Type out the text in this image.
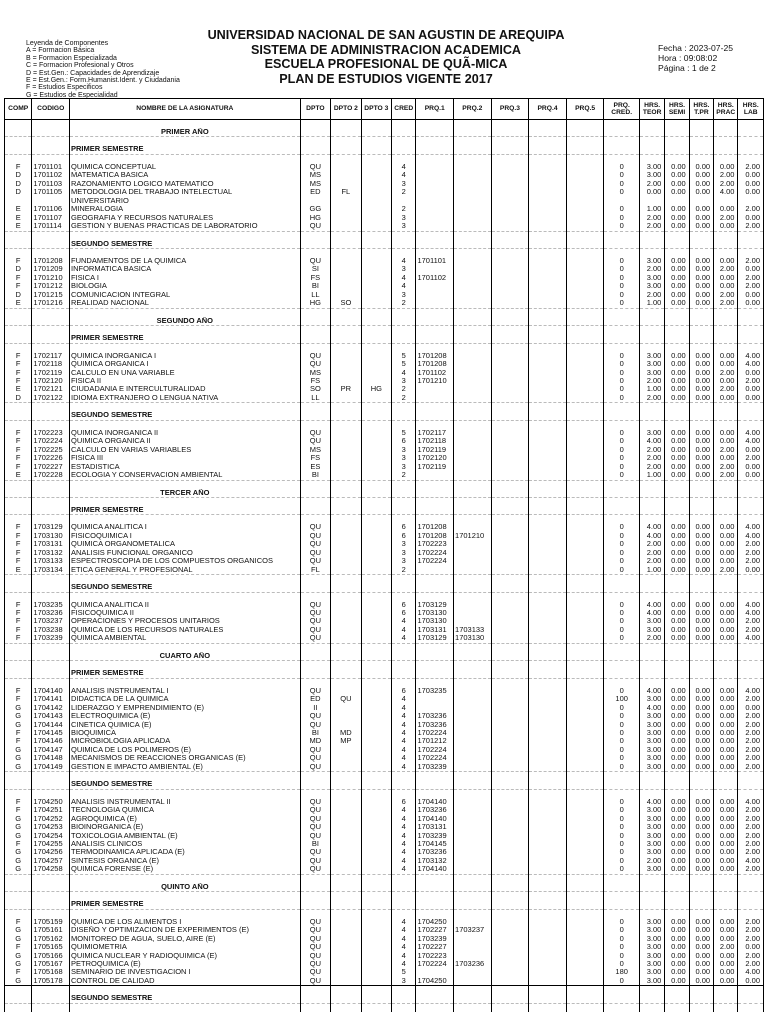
Leyenda de Componentes
A = Formacion Básica
B = Formacion Especializada
C = Formacion Profesional y Otros
D = Est.Gen.: Capacidades de Aprendizaje
E = Est.Gen.: Form.Humanist.Ident. y Ciudadania
F = Estudios Especificos
G = Estudios de Especialidad
UNIVERSIDAD NACIONAL DE SAN AGUSTIN DE AREQUIPA
SISTEMA DE ADMINISTRACION ACADEMICA
ESCUELA PROFESIONAL DE QUÃ-MICA
PLAN DE ESTUDIOS VIGENTE 2017
Fecha : 2023-07-25
Hora : 09:08:02
Página : 1 de 2
COMP	CODIGO	NOMBRE DE LA ASIGNATURA	DPTO	DPTO 2	DPTO 3	CRED	PRQ.1	PRQ.2	PRQ.3	PRQ.4	PRQ.5	PRQ. CRED.	HRS. TEOR	HRS. SEMI	HRS. T.PR	HRS. PRAC	HRS. LAB

		PRIMER AÑO															

		PRIMER SEMESTRE															

F	1701101	QUIMICA CONCEPTUAL	QU			4						0	3.00	0.00	0.00	0.00	2.00
D	1701102	MATEMATICA BASICA	MS			4						0	3.00	0.00	0.00	2.00	0.00
D	1701103	RAZONAMIENTO LOGICO MATEMATICO	MS			3						0	2.00	0.00	0.00	2.00	0.00
D	1701105	METODOLOGIA DEL TRABAJO INTELECTUAL	ED	FL		2						0	0.00	0.00	0.00	4.00	0.00
		UNIVERSITARIO															
E	1701106	MINERALOGIA	GG			2						0	1.00	0.00	0.00	0.00	2.00
E	1701107	GEOGRAFIA Y RECURSOS NATURALES	HG			3						0	2.00	0.00	0.00	2.00	0.00
E	1701114	GESTION Y BUENAS PRACTICAS DE LABORATORIO	QU			3						0	2.00	0.00	0.00	0.00	2.00

		SEGUNDO SEMESTRE															

F	1701208	FUNDAMENTOS DE LA QUIMICA	QU			4	1701101					0	3.00	0.00	0.00	0.00	2.00
D	1701209	INFORMATICA BASICA	SI			3						0	2.00	0.00	0.00	2.00	0.00
F	1701210	FISICA I	FS			4	1701102					0	3.00	0.00	0.00	0.00	2.00
F	1701212	BIOLOGIA	BI			4						0	3.00	0.00	0.00	0.00	2.00
D	1701215	COMUNICACION INTEGRAL	LL			3						0	2.00	0.00	0.00	2.00	0.00
E	1701216	REALIDAD NACIONAL	HG	SO		2						0	1.00	0.00	0.00	2.00	0.00

		SEGUNDO AÑO															

		PRIMER SEMESTRE															

F	1702117	QUIMICA INORGANICA I	QU			5	1701208					0	3.00	0.00	0.00	0.00	4.00
F	1702118	QUIMICA ORGANICA I	QU			5	1701208					0	3.00	0.00	0.00	0.00	4.00
F	1702119	CALCULO EN UNA VARIABLE	MS			4	1701102					0	3.00	0.00	0.00	2.00	0.00
F	1702120	FISICA II	FS			3	1701210					0	2.00	0.00	0.00	0.00	2.00
E	1702121	CIUDADANIA E INTERCULTURALIDAD	SO	PR	HG	2						0	1.00	0.00	0.00	2.00	0.00
D	1702122	IDIOMA EXTRANJERO O LENGUA NATIVA	LL			2						0	2.00	0.00	0.00	0.00	0.00

		SEGUNDO SEMESTRE															

F	1702223	QUIMICA INORGANICA II	QU			5	1702117					0	3.00	0.00	0.00	0.00	4.00
F	1702224	QUIMICA ORGANICA II	QU			6	1702118					0	4.00	0.00	0.00	0.00	4.00
F	1702225	CALCULO EN VARIAS VARIABLES	MS			3	1702119					0	2.00	0.00	0.00	2.00	0.00
F	1702226	FISICA III	FS			3	1702120					0	2.00	0.00	0.00	0.00	2.00
F	1702227	ESTADISTICA	ES			3	1702119					0	2.00	0.00	0.00	2.00	0.00
E	1702228	ECOLOGIA Y CONSERVACION AMBIENTAL	BI			2						0	1.00	0.00	0.00	2.00	0.00

		TERCER AÑO															

		PRIMER SEMESTRE															

F	1703129	QUIMICA ANALITICA I	QU			6	1701208					0	4.00	0.00	0.00	0.00	4.00
F	1703130	FISICOQUIMICA I	QU			6	1701208	1701210				0	4.00	0.00	0.00	0.00	4.00
F	1703131	QUIMICA ORGANOMETALICA	QU			3	1702223					0	2.00	0.00	0.00	0.00	2.00
F	1703132	ANALISIS FUNCIONAL ORGANICO	QU			3	1702224					0	2.00	0.00	0.00	0.00	2.00
F	1703133	ESPECTROSCOPIA DE LOS COMPUESTOS ORGANICOS	QU			3	1702224					0	2.00	0.00	0.00	0.00	2.00
E	1703134	ETICA GENERAL Y PROFESIONAL	FL			2						0	1.00	0.00	0.00	2.00	0.00

		SEGUNDO SEMESTRE															

F	1703235	QUIMICA ANALITICA II	QU			6	1703129					0	4.00	0.00	0.00	0.00	4.00
F	1703236	FISICOQUIMICA II	QU			6	1703130					0	4.00	0.00	0.00	0.00	4.00
F	1703237	OPERACIONES Y PROCESOS UNITARIOS	QU			4	1703130					0	3.00	0.00	0.00	0.00	2.00
F	1703238	QUIMICA DE LOS RECURSOS NATURALES	QU			4	1703131	1703133				0	3.00	0.00	0.00	0.00	2.00
F	1703239	QUIMICA AMBIENTAL	QU			4	1703129	1703130				0	2.00	0.00	0.00	0.00	4.00

		CUARTO AÑO															

		PRIMER SEMESTRE															

F	1704140	ANALISIS INSTRUMENTAL I	QU			6	1703235					0	4.00	0.00	0.00	0.00	4.00
F	1704141	DIDACTICA DE LA QUIMICA	ED	QU		4						100	3.00	0.00	0.00	0.00	2.00
G	1704142	LIDERAZGO Y EMPRENDIMIENTO (E)	II			4						0	4.00	0.00	0.00	0.00	0.00
G	1704143	ELECTROQUIMICA (E)	QU			4	1703236					0	3.00	0.00	0.00	0.00	2.00
G	1704144	CINETICA QUIMICA (E)	QU			4	1703236					0	3.00	0.00	0.00	0.00	2.00
F	1704145	BIOQUIMICA	BI	MD		4	1702224					0	3.00	0.00	0.00	0.00	2.00
F	1704146	MICROBIOLOGIA APLICADA	MD	MP		4	1701212					0	3.00	0.00	0.00	0.00	2.00
G	1704147	QUIMICA DE LOS POLIMEROS (E)	QU			4	1702224					0	3.00	0.00	0.00	0.00	2.00
G	1704148	MECANISMOS DE REACCIONES ORGANICAS (E)	QU			4	1702224					0	3.00	0.00	0.00	0.00	2.00
G	1704149	GESTION E IMPACTO AMBIENTAL (E)	QU			4	1703239					0	3.00	0.00	0.00	0.00	2.00

		SEGUNDO SEMESTRE															

F	1704250	ANALISIS INSTRUMENTAL II	QU			6	1704140					0	4.00	0.00	0.00	0.00	4.00
F	1704251	TECNOLOGIA QUIMICA	QU			4	1703236					0	3.00	0.00	0.00	0.00	2.00
G	1704252	AGROQUIMICA (E)	QU			4	1704140					0	3.00	0.00	0.00	0.00	2.00
G	1704253	BIOINORGANICA (E)	QU			4	1703131					0	3.00	0.00	0.00	0.00	2.00
G	1704254	TOXICOLOGIA AMBIENTAL (E)	QU			4	1703239					0	3.00	0.00	0.00	0.00	2.00
F	1704255	ANALISIS CLINICOS	BI			4	1704145					0	3.00	0.00	0.00	0.00	2.00
G	1704256	TERMODINAMICA APLICADA (E)	QU			4	1703236					0	3.00	0.00	0.00	0.00	2.00
G	1704257	SINTESIS ORGANICA (E)	QU			4	1703132					0	2.00	0.00	0.00	0.00	4.00
G	1704258	QUIMICA FORENSE (E)	QU			4	1704140					0	3.00	0.00	0.00	0.00	2.00

		QUINTO AÑO															

		PRIMER SEMESTRE															

F	1705159	QUIMICA DE LOS ALIMENTOS I	QU			4	1704250					0	3.00	0.00	0.00	0.00	2.00
G	1705161	DISEÑO Y OPTIMIZACION DE EXPERIMENTOS (E)	QU			4	1702227	1703237				0	3.00	0.00	0.00	0.00	2.00
G	1705162	MONITOREO DE AGUA, SUELO, AIRE (E)	QU			4	1703239					0	3.00	0.00	0.00	0.00	2.00
F	1705165	QUIMIOMETRIA	QU			4	1702227					0	3.00	0.00	0.00	2.00	0.00
G	1705166	QUIMICA NUCLEAR Y RADIOQUIMICA (E)	QU			4	1702223					0	3.00	0.00	0.00	0.00	2.00
G	1705167	PETROQUIMICA (E)	QU			4	1702224	1703236				0	3.00	0.00	0.00	0.00	2.00
F	1705168	SEMINARIO DE INVESTIGACION I	QU			5						180	3.00	0.00	0.00	0.00	4.00
G	1705178	CONTROL DE CALIDAD	QU			3	1704250					0	3.00	0.00	0.00	0.00	0.00

		SEGUNDO SEMESTRE															
